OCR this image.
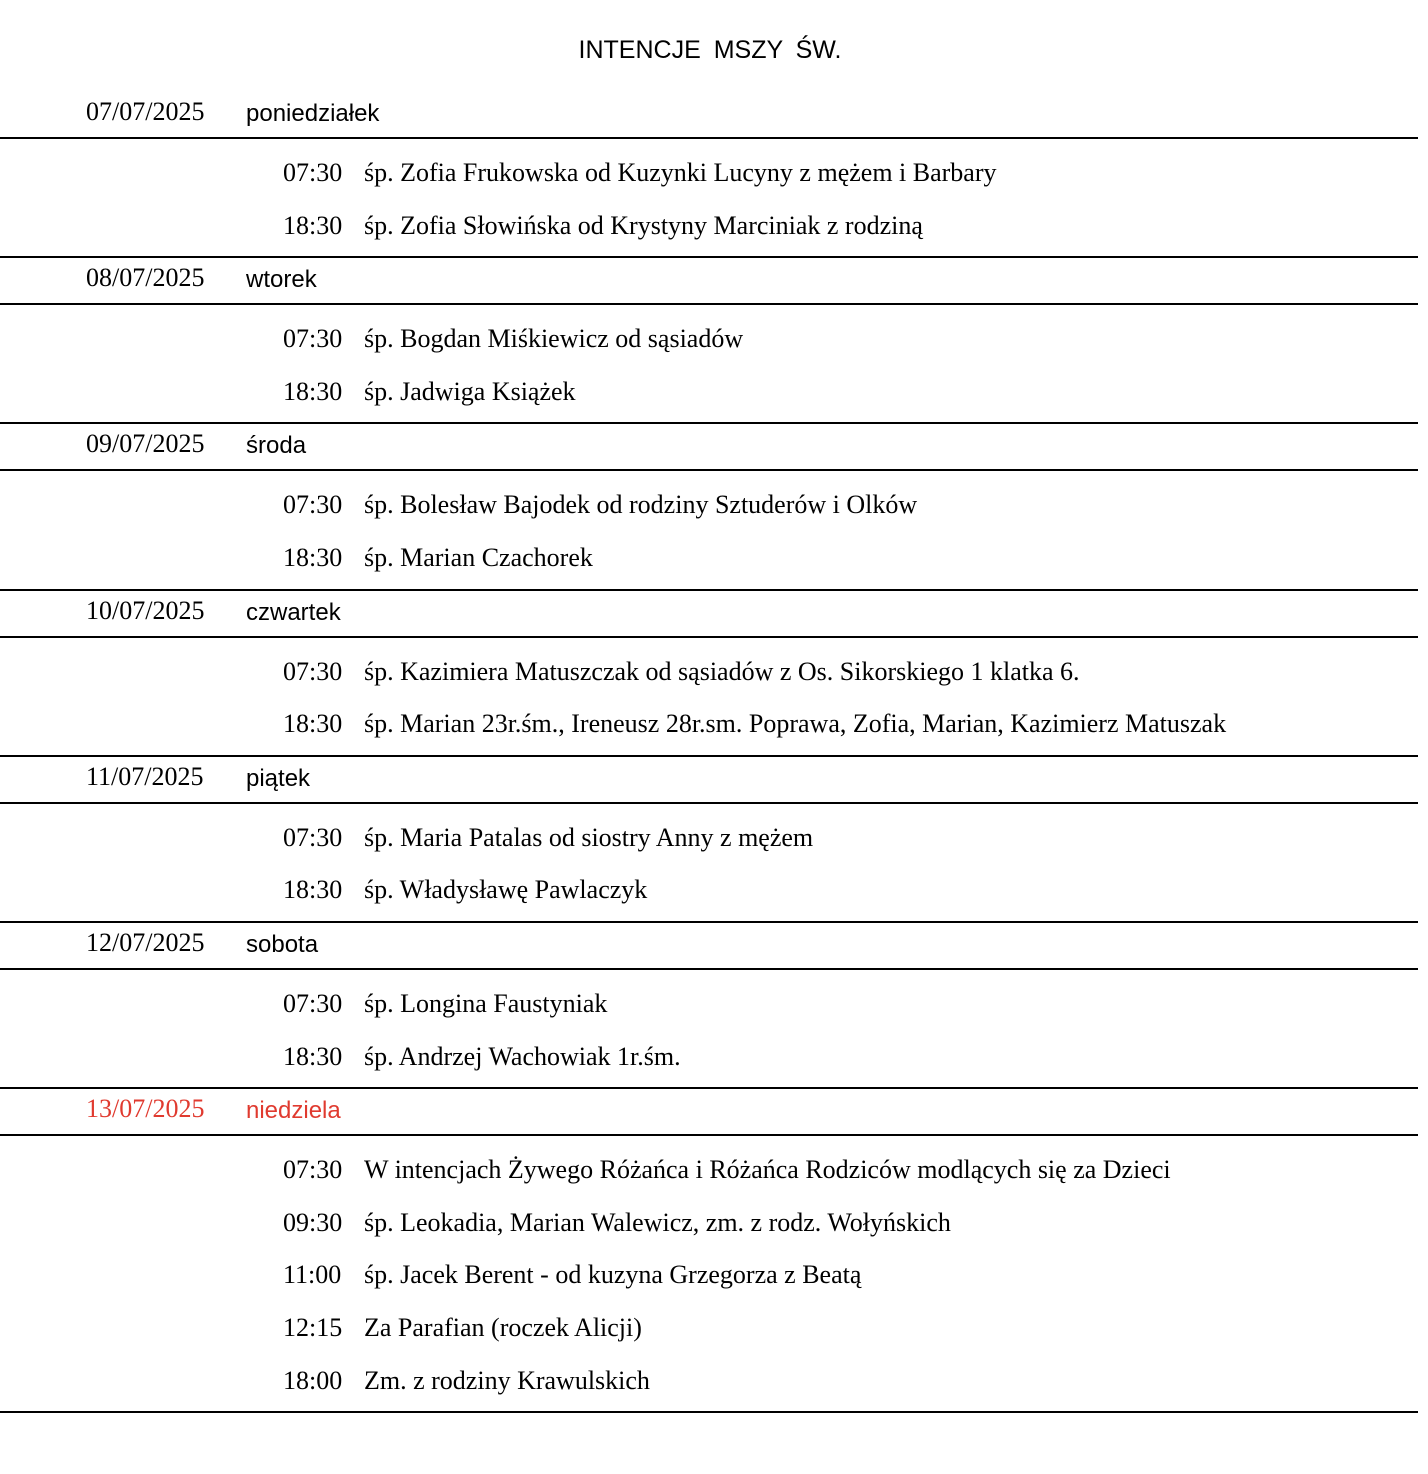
INTENCJE MSZY ŚW.
07/07/2025 poniedziałek
07:30 śp. Zofia Frukowska od Kuzynki Lucyny z mężem i Barbary
18:30 śp. Zofia Słowińska od Krystyny Marciniak z rodziną
08/07/2025 wtorek
07:30 śp. Bogdan Miśkiewicz od sąsiadów
18:30 śp. Jadwiga Książek
09/07/2025 środa
07:30 śp. Bolesław Bajodek od rodziny Sztuderów i Olków
18:30 śp. Marian Czachorek
10/07/2025 czwartek
07:30 śp. Kazimiera Matuszczak od sąsiadów z Os. Sikorskiego 1 klatka 6.
18:30 śp. Marian 23r.śm., Ireneusz 28r.sm. Poprawa, Zofia, Marian, Kazimierz Matuszak
11/07/2025 piątek
07:30 śp. Maria Patalas od siostry Anny z mężem
18:30 śp. Władysławę Pawlaczyk
12/07/2025 sobota
07:30 śp. Longina Faustyniak
18:30 śp. Andrzej Wachowiak 1r.śm.
13/07/2025 niedziela
07:30 W intencjach Żywego Różańca i Różańca Rodziców modlących się za Dzieci
09:30 śp. Leokadia, Marian Walewicz, zm. z rodz. Wołyńskich
11:00 śp. Jacek Berent - od kuzyna Grzegorza z Beatą
12:15 Za Parafian (roczek Alicji)
18:00 Zm. z rodziny Krawulskich
